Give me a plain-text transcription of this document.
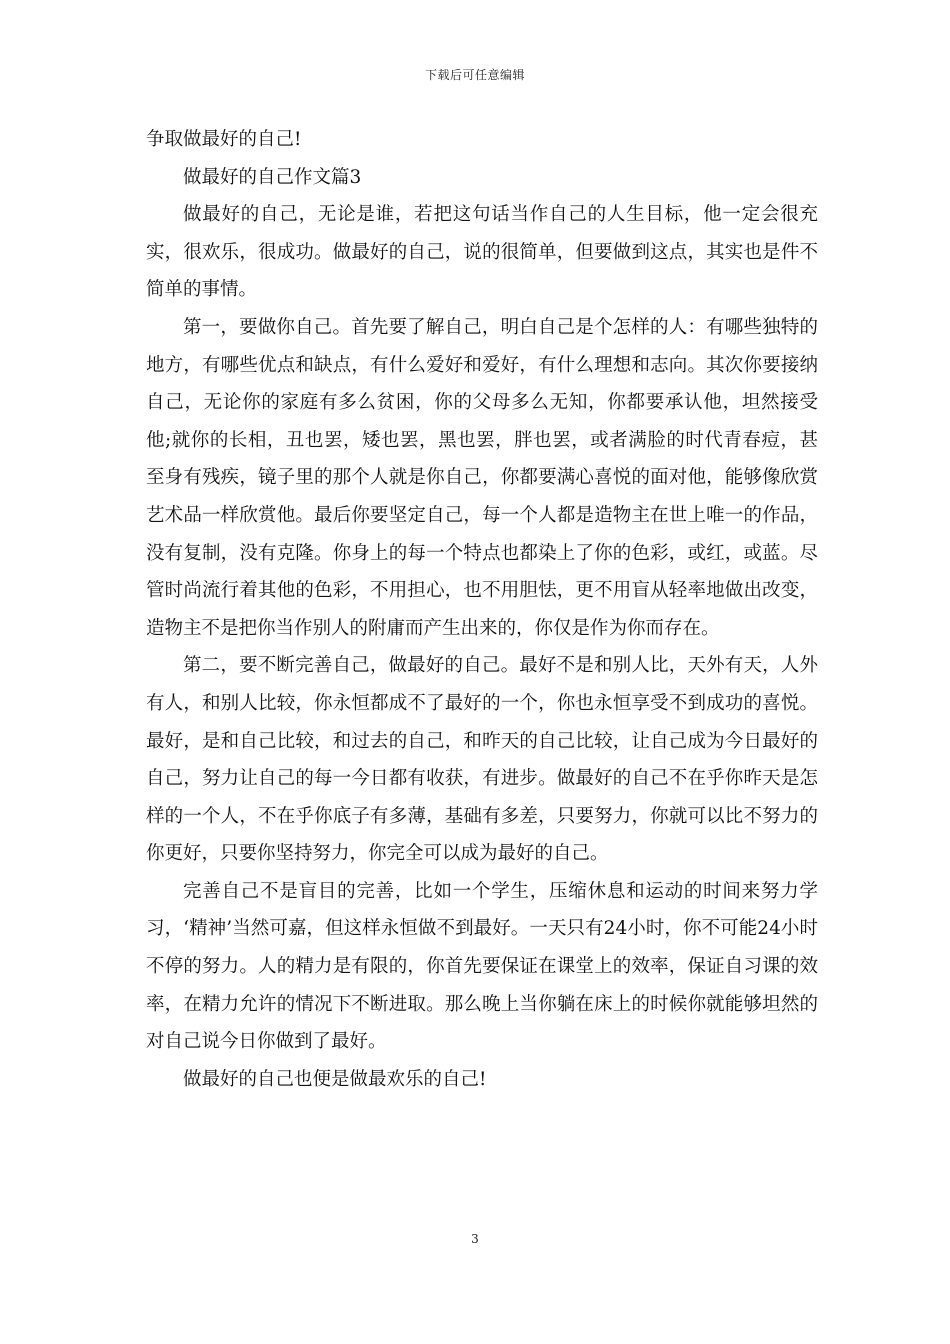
下载后可任意编辑

争取做最好的自己!

做最好的自己作文篇3

做最好的自己，无论是谁，若把这句话当作自己的人生目标，他一定会很充实，很欢乐，很成功。做最好的自己，说的很简单，但要做到这点，其实也是件不简单的事情。

第一，要做你自己。首先要了解自己，明白自己是个怎样的人：有哪些独特的地方，有哪些优点和缺点，有什么爱好和爱好，有什么理想和志向。其次你要接纳自己，无论你的家庭有多么贫困，你的父母多么无知，你都要承认他，坦然接受他;就你的长相，丑也罢，矮也罢，黑也罢，胖也罢，或者满脸的时代青春痘，甚至身有残疾，镜子里的那个人就是你自己，你都要满心喜悦的面对他，能够像欣赏艺术品一样欣赏他。最后你要坚定自己，每一个人都是造物主在世上唯一的作品，没有复制，没有克隆。你身上的每一个特点也都染上了你的色彩，或红，或蓝。尽管时尚流行着其他的色彩，不用担心，也不用胆怯，更不用盲从轻率地做出改变，造物主不是把你当作别人的附庸而产生出来的，你仅是作为你而存在。

第二，要不断完善自己，做最好的自己。最好不是和别人比，天外有天，人外有人，和别人比较，你永恒都成不了最好的一个，你也永恒享受不到成功的喜悦。最好，是和自己比较，和过去的自己，和昨天的自己比较，让自己成为今日最好的自己，努力让自己的每一今日都有收获，有进步。做最好的自己不在乎你昨天是怎样的一个人，不在乎你底子有多薄，基础有多差，只要努力，你就可以比不努力的你更好，只要你坚持努力，你完全可以成为最好的自己。

完善自己不是盲目的完善，比如一个学生，压缩休息和运动的时间来努力学习，‘精神’当然可嘉，但这样永恒做不到最好。一天只有24小时，你不可能24小时不停的努力。人的精力是有限的，你首先要保证在课堂上的效率，保证自习课的效率，在精力允许的情况下不断进取。那么晚上当你躺在床上的时候你就能够坦然的对自己说今日你做到了最好。

做最好的自己也便是做最欢乐的自己!

3
